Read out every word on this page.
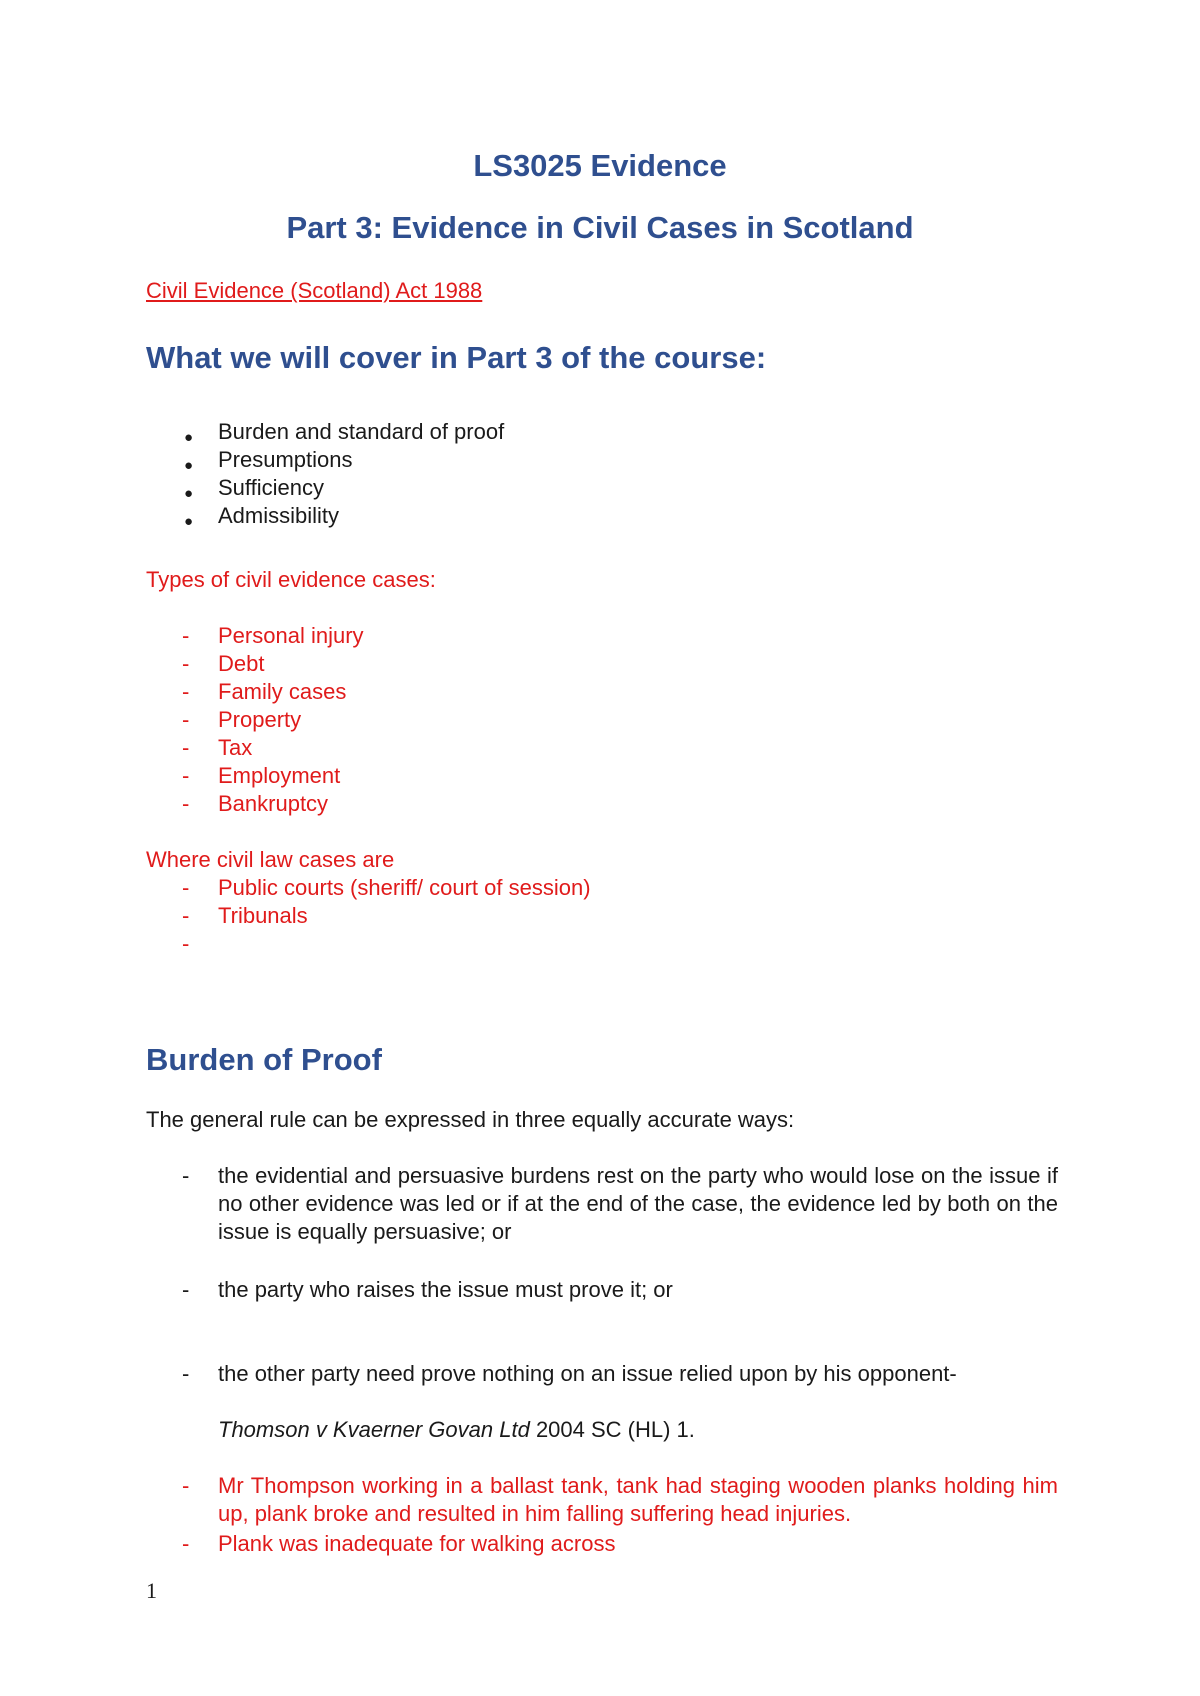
LS3025 Evidence
Part 3: Evidence in Civil Cases in Scotland
Civil Evidence (Scotland) Act 1988
What we will cover in Part 3 of the course:
● Burden and standard of proof
● Presumptions
● Sufficiency
● Admissibility
Types of civil evidence cases:
- Personal injury
- Debt
- Family cases
- Property
- Tax
- Employment
- Bankruptcy
Where civil law cases are
- Public courts (sheriff/ court of session)
- Tribunals
-
Burden of Proof
The general rule can be expressed in three equally accurate ways:
- the evidential and persuasive burdens rest on the party who would lose on the issue if no other evidence was led or if at the end of the case, the evidence led by both on the issue is equally persuasive; or
- the party who raises the issue must prove it; or
- the other party need prove nothing on an issue relied upon by his opponent-
Thomson v Kvaerner Govan Ltd 2004 SC (HL) 1.
- Mr Thompson working in a ballast tank, tank had staging wooden planks holding him up, plank broke and resulted in him falling suffering head injuries.
- Plank was inadequate for walking across
1
